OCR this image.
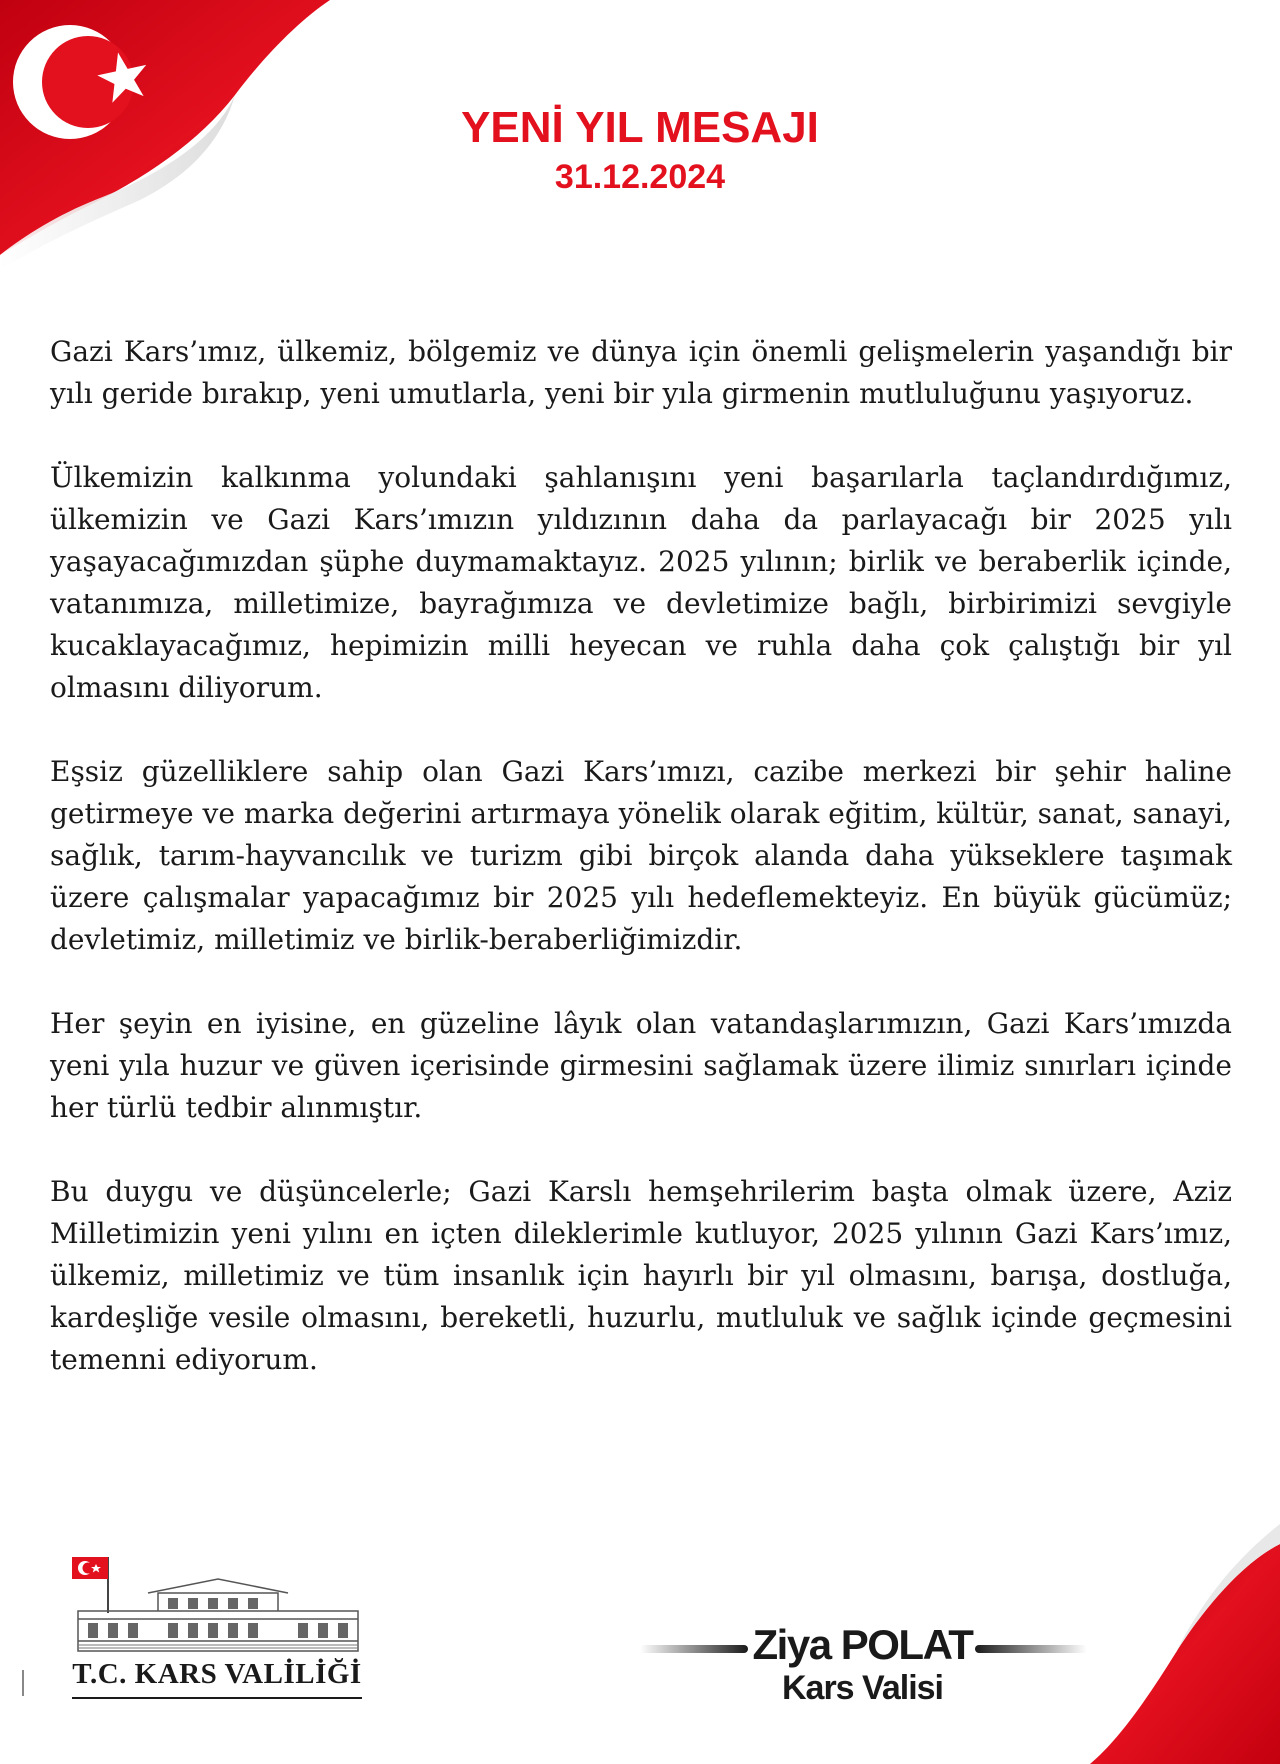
YENİ YIL MESAJI
31.12.2024

Gazi Kars’ımız, ülkemiz, bölgemiz ve dünya için önemli gelişmelerin yaşandığı bir yılı geride bırakıp, yeni umutlarla, yeni bir yıla girmenin mutluluğunu yaşıyoruz.

Ülkemizin kalkınma yolundaki şahlanışını yeni başarılarla taçlandırdığımız, ülkemizin ve Gazi Kars’ımızın yıldızının daha da parlayacağı bir 2025 yılı yaşayacağımızdan şüphe duymamaktayız. 2025 yılının; birlik ve beraberlik içinde, vatanımıza, milletimize, bayrağımıza ve devletimize bağlı, birbirimizi sevgiyle kucaklayacağımız, hepimizin milli heyecan ve ruhla daha çok çalıştığı bir yıl olmasını diliyorum.

Eşsiz güzelliklere sahip olan Gazi Kars’ımızı, cazibe merkezi bir şehir haline getirmeye ve marka değerini artırmaya yönelik olarak eğitim, kültür, sanat, sanayi, sağlık, tarım-hayvancılık ve turizm gibi birçok alanda daha yükseklere taşımak üzere çalışmalar yapacağımız bir 2025 yılı hedeflemekteyiz. En büyük gücümüz; devletimiz, milletimiz ve birlik-beraberliğimizdir.

Her şeyin en iyisine, en güzeline lâyık olan vatandaşlarımızın, Gazi Kars’ımızda yeni yıla huzur ve güven içerisinde girmesini sağlamak üzere ilimiz sınırları içinde her türlü tedbir alınmıştır.

Bu duygu ve düşüncelerle; Gazi Karslı hemşehrilerim başta olmak üzere, Aziz Milletimizin yeni yılını en içten dileklerimle kutluyor, 2025 yılının Gazi Kars’ımız, ülkemiz, milletimiz ve tüm insanlık için hayırlı bir yıl olmasını, barışa, dostluğa, kardeşliğe vesile olmasını, bereketli, huzurlu, mutluluk ve sağlık içinde geçmesini temenni ediyorum.

T.C. KARS VALİLİĞİ
Ziya POLAT
Kars Valisi
